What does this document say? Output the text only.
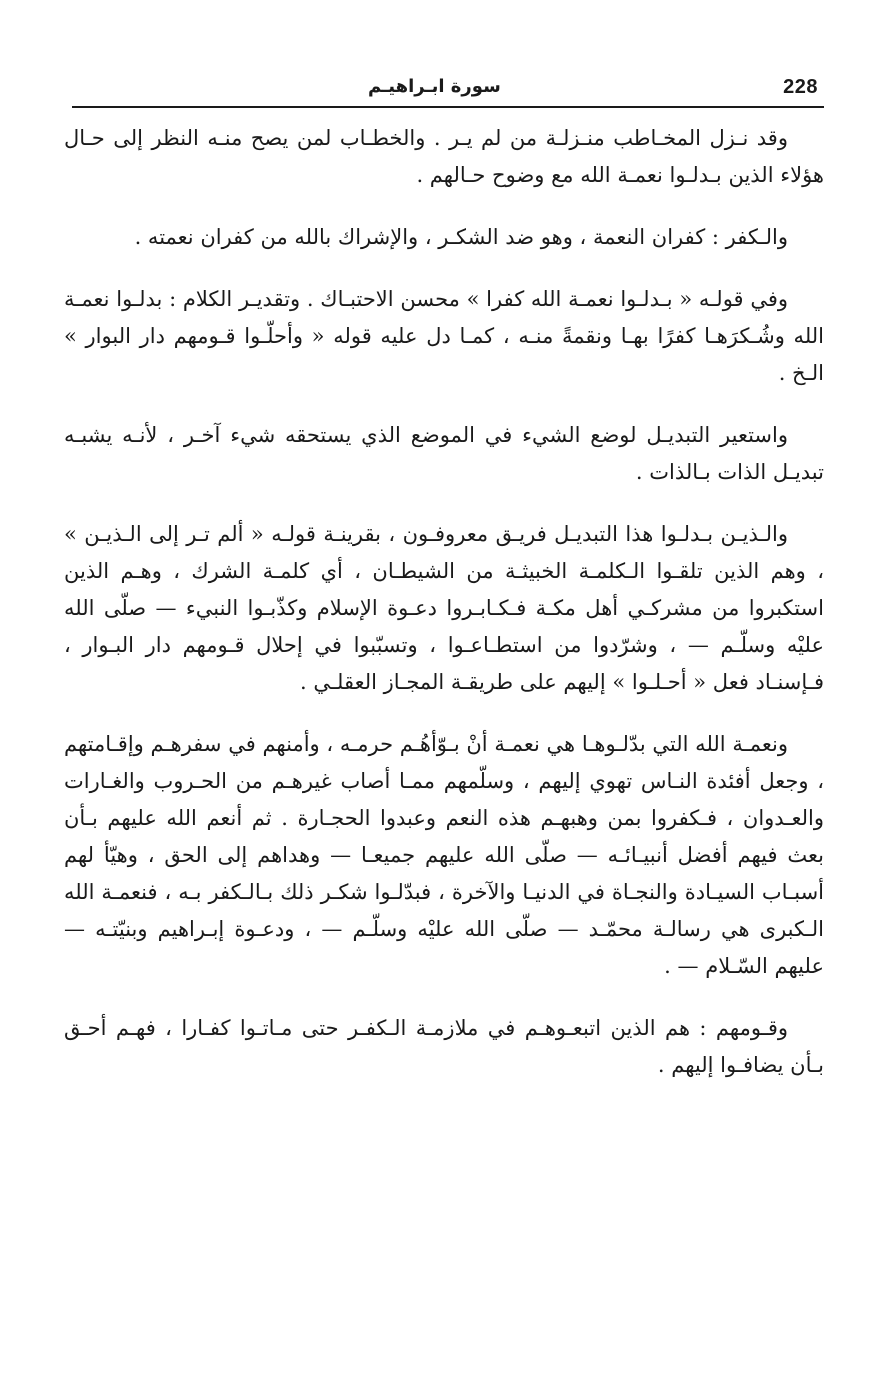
228
سورة ابـراهيـم

وقد نـزل المخـاطب منـزلـة من لم يـر . والخطـاب لمن يصح منـه النظر إلى حـال هؤلاء الذين بـدلـوا نعمـة الله مع وضوح حـالهم .

والـكفر : كفران النعمة ، وهو ضد الشكـر ، والإشراك بالله من كفران نعمته .

وفي قولـه « بـدلـوا نعمـة الله كفرا » محسن الاحتبـاك . وتقديـر الكلام : بدلـوا نعمـة الله وشُـكرَهـا كفرًا بهـا ونقمةً منـه ، كمـا دل عليه قوله « وأحلّـوا قـومهم دار البوار » الـخ .

واستعير التبديـل لوضع الشيء في الموضع الذي يستحقه شيء آخـر ، لأنـه يشبـه تبديـل الذات بـالذات .

والـذيـن بـدلـوا هذا التبديـل فريـق معروفـون ، بقرينـة قولـه « ألم تـر إلى الـذيـن » ، وهم الذين تلقـوا الـكلمـة الخبيثـة من الشيطـان ، أي كلمـة الشرك ، وهـم الذين استكبروا من مشركـي أهل مكـة فـكـابـروا دعـوة الإسلام وكذّبـوا النبيء — صلّى الله عليْه وسلّـم — ، وشرّدوا من استطـاعـوا ، وتسبّبوا في إحلال قـومهم دار البـوار ، فـإسنـاد فعل « أحـلـوا » إليهم على طريقـة المجـاز العقلـي .

ونعمـة الله التي بدّلـوهـا هي نعمـة أنْ بـوّأهُـم حرمـه ، وأمنهم في سفرهـم وإقـامتهم ، وجعل أفئدة النـاس تهوي إليهم ، وسلّمهم ممـا أصاب غيرهـم من الحـروب والغـارات والعـدوان ، فـكفروا بمن وهبهـم هذه النعم وعبدوا الحجـارة . ثم أنعم الله عليهم بـأن بعث فيهم أفضل أنبيـائـه — صلّى الله عليهم جميعـا — وهداهم إلى الحق ، وهيّأ لهم أسبـاب السيـادة والنجـاة في الدنيـا والآخرة ، فبدّلـوا شكـر ذلك بـالـكفر بـه ، فنعمـة الله الـكبرى هي رسالـة محمّـد — صلّى الله عليْه وسلّـم — ، ودعـوة إبـراهيم وبنيّتـه — عليهم السّـلام — .

وقـومهم : هم الذين اتبعـوهـم في ملازمـة الـكفـر حتى مـاتـوا كفـارا ، فهـم أحـق بـأن يضافـوا إليهم .
